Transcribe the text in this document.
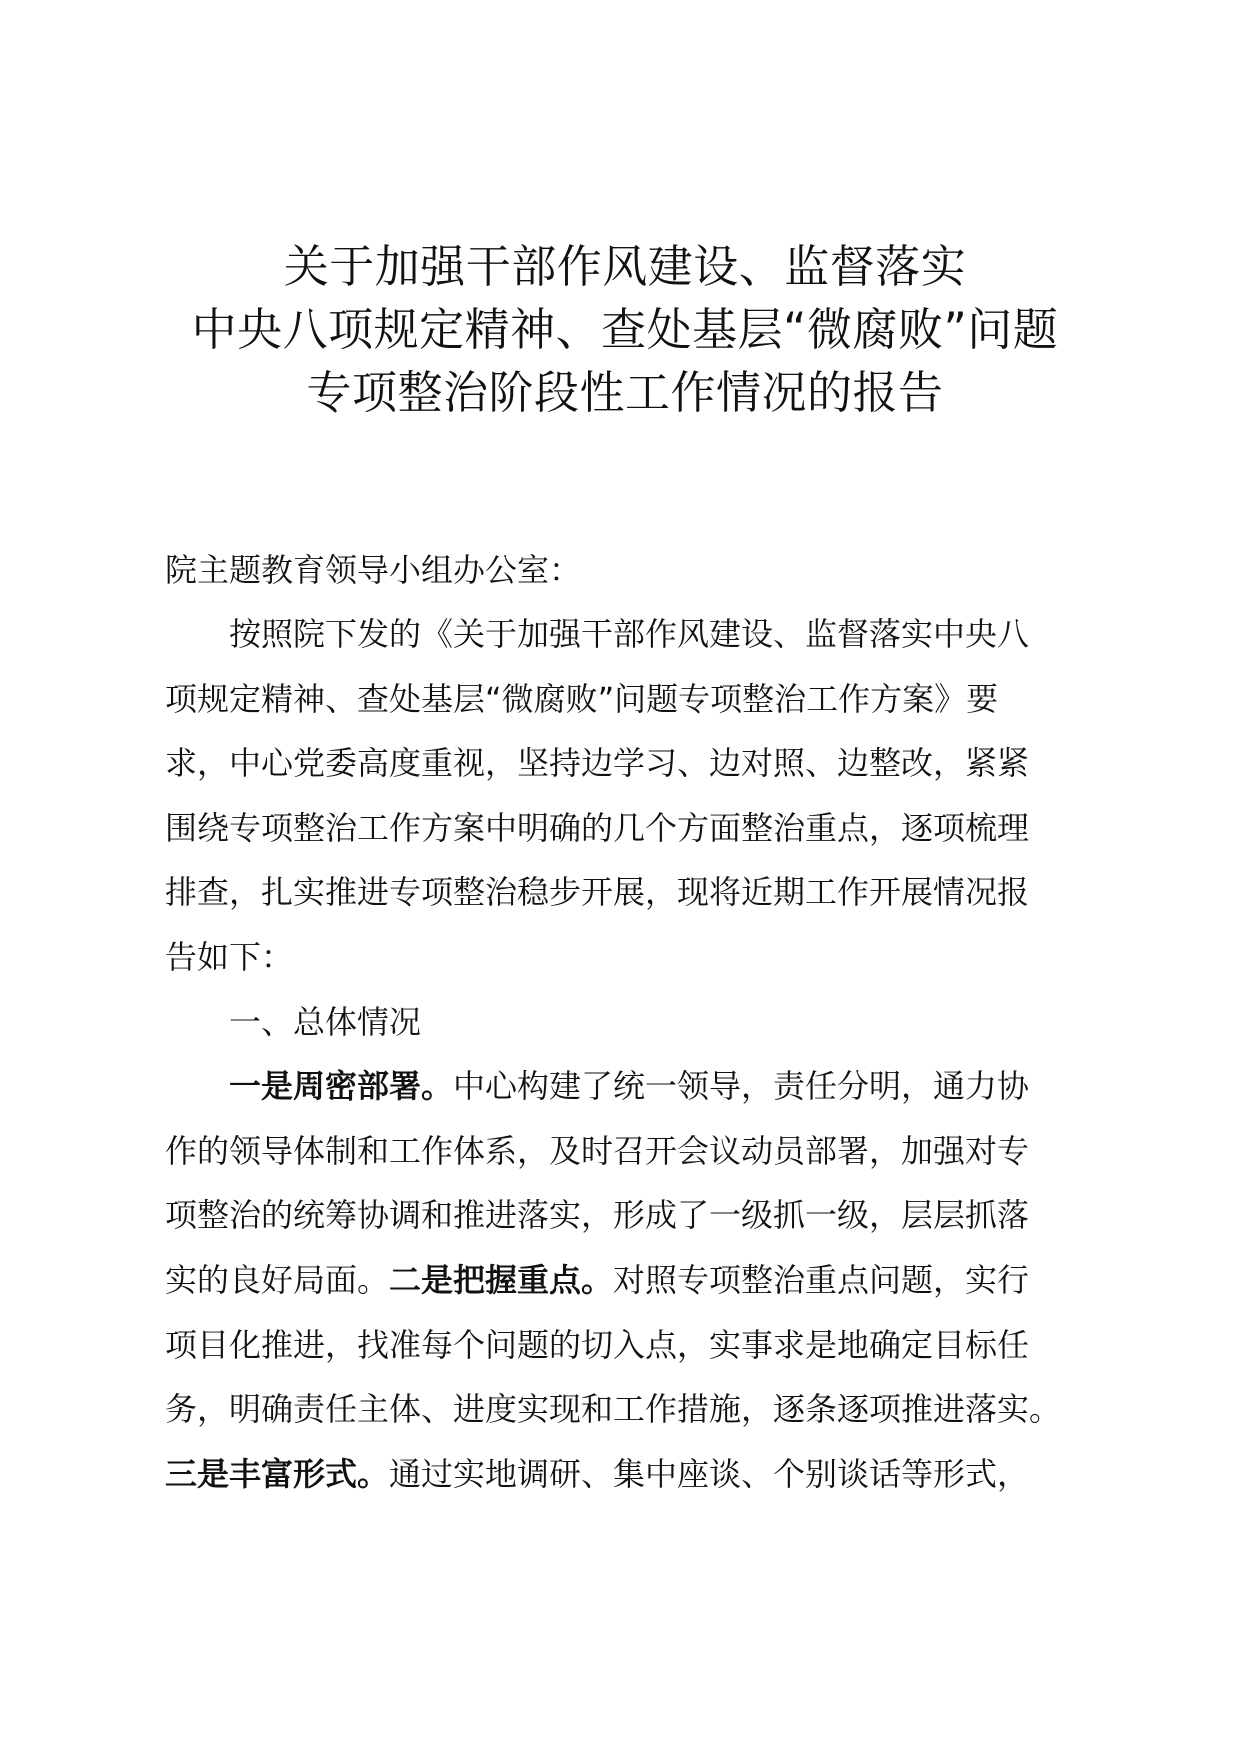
关于加强干部作风建设、监督落实
中央八项规定精神、查处基层“微腐败”问题
专项整治阶段性工作情况的报告

院主题教育领导小组办公室：

按照院下发的《关于加强干部作风建设、监督落实中央八
项规定精神、查处基层“微腐败”问题专项整治工作方案》要
求，中心党委高度重视，坚持边学习、边对照、边整改，紧紧
围绕专项整治工作方案中明确的几个方面整治重点，逐项梳理
排查，扎实推进专项整治稳步开展，现将近期工作开展情况报
告如下：
一、总体情况
一是周密部署。中心构建了统一领导，责任分明，通力协
作的领导体制和工作体系，及时召开会议动员部署，加强对专
项整治的统筹协调和推进落实，形成了一级抓一级，层层抓落
实的良好局面。二是把握重点。对照专项整治重点问题，实行
项目化推进，找准每个问题的切入点，实事求是地确定目标任
务，明确责任主体、进度实现和工作措施，逐条逐项推进落实。
三是丰富形式。通过实地调研、集中座谈、个别谈话等形式，
